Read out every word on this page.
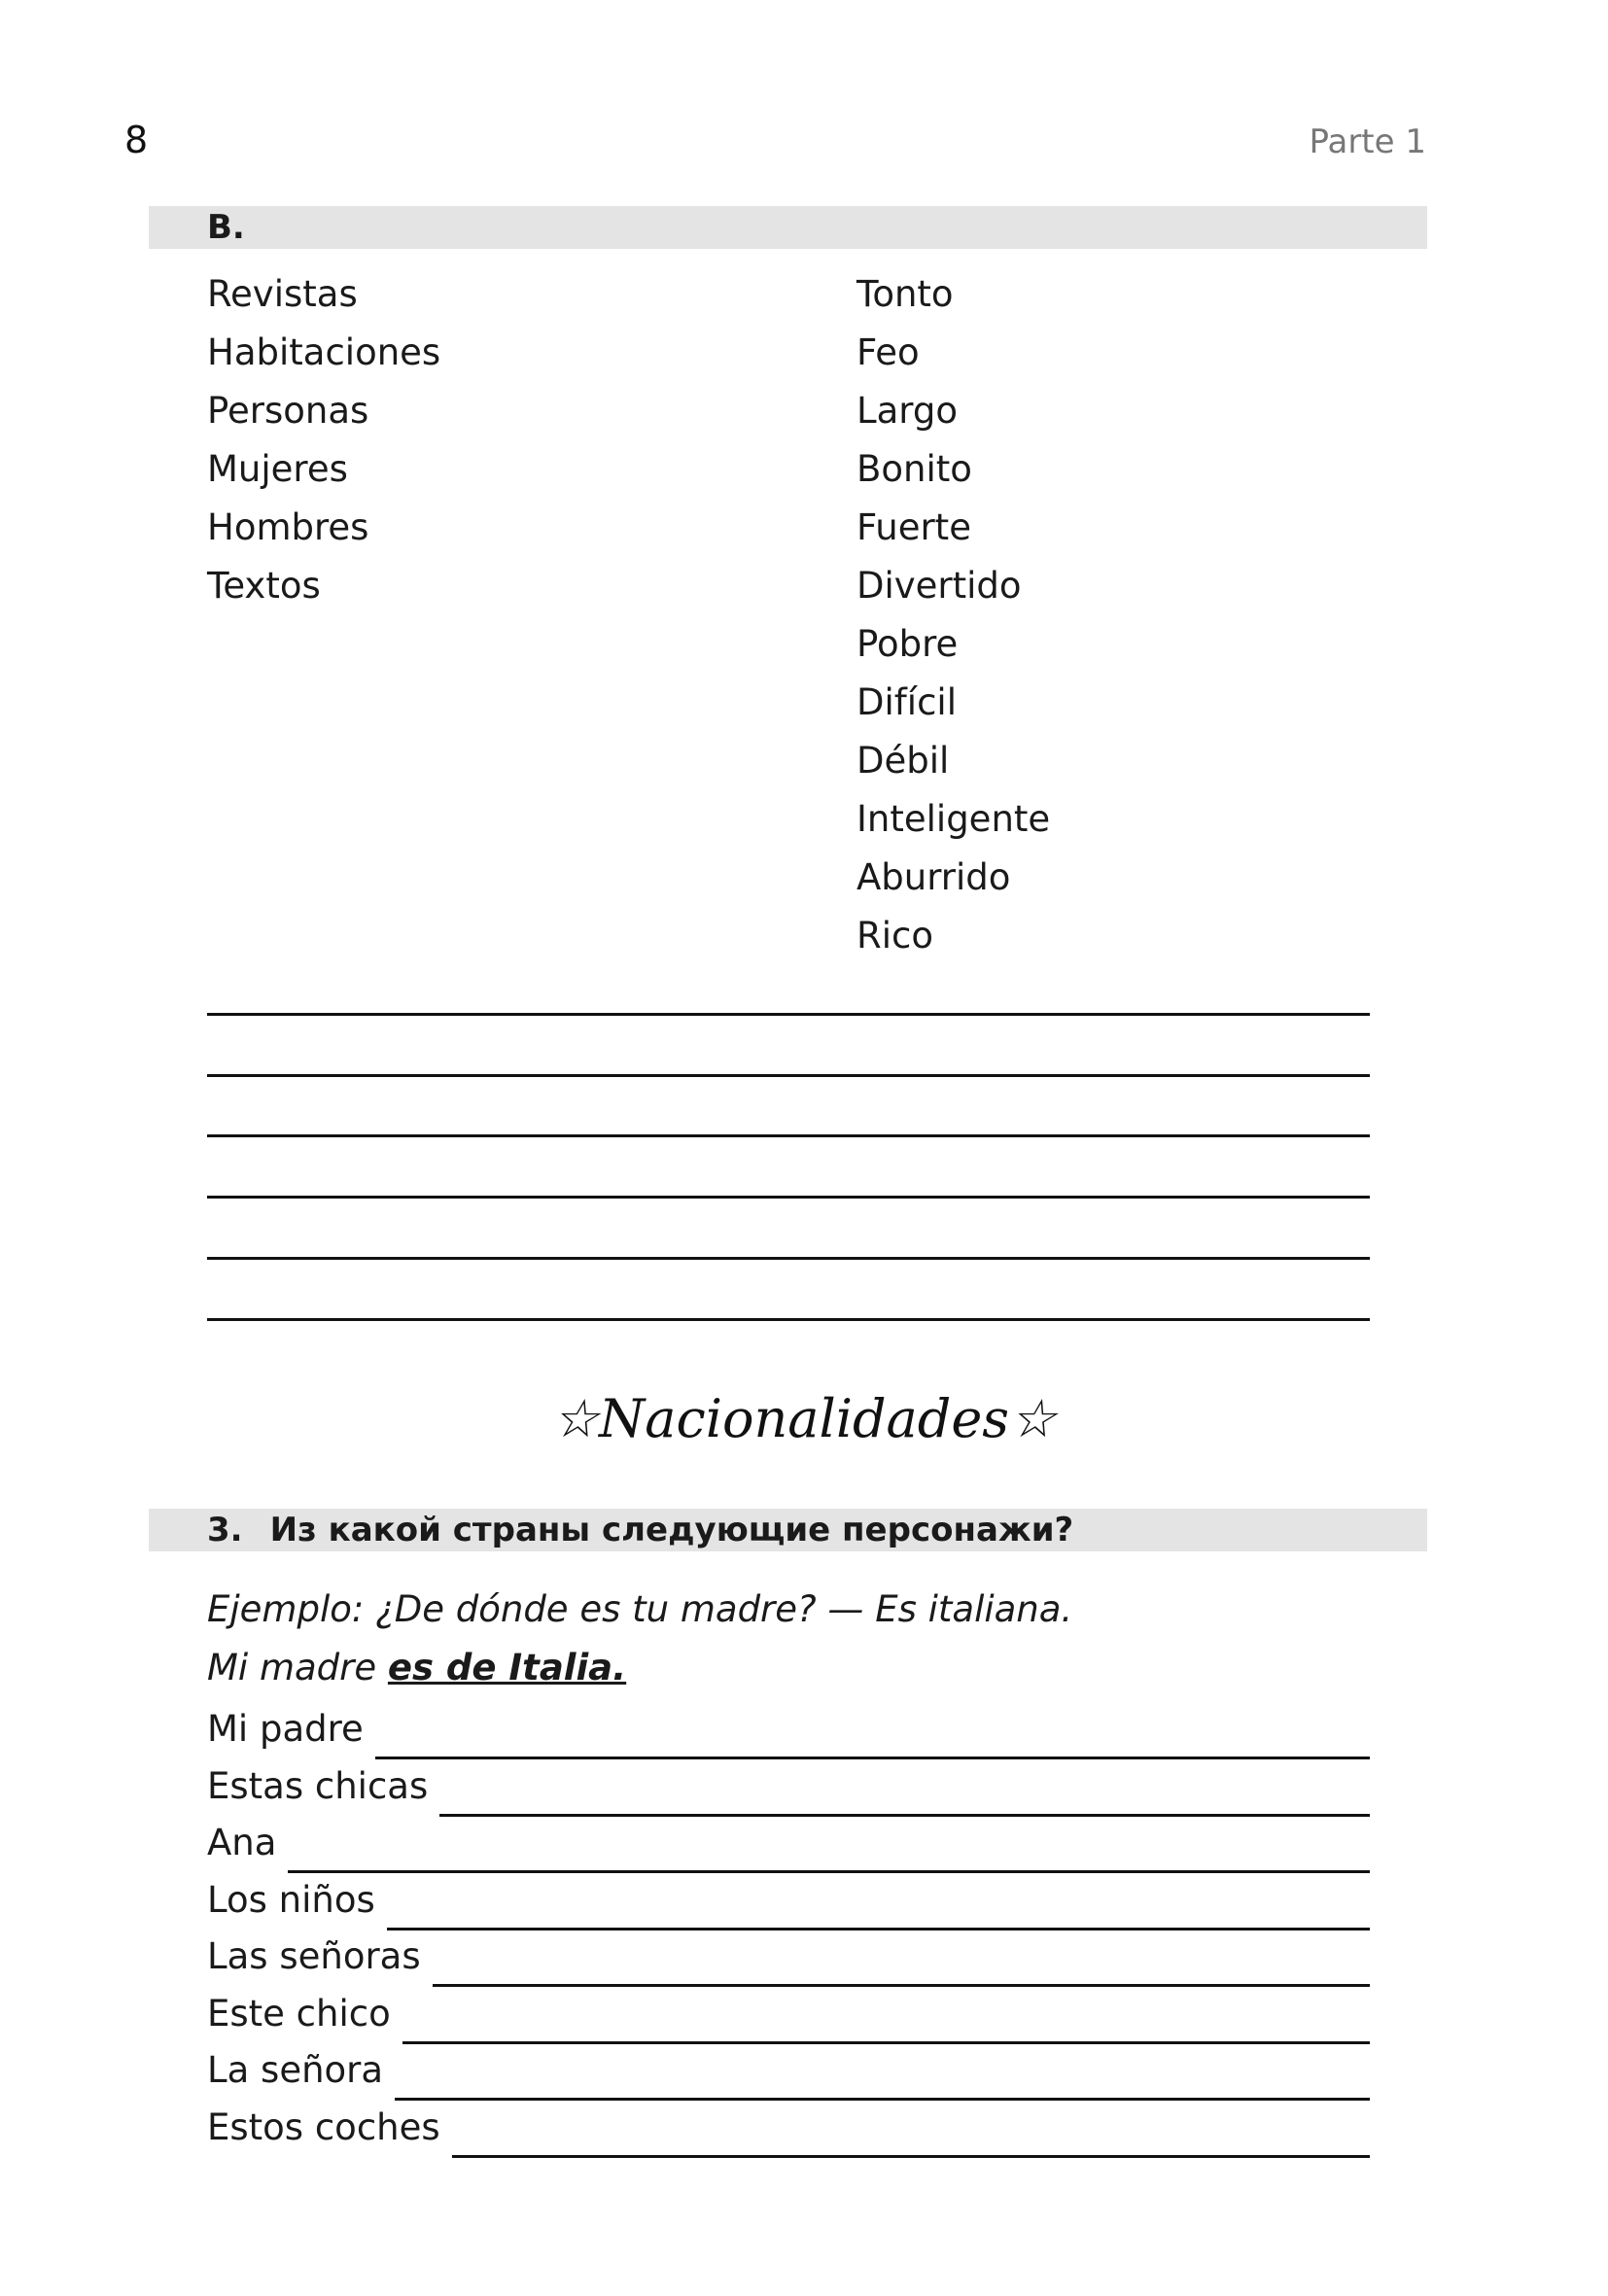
8	Parte 1
B.
Revistas
Habitaciones
Personas
Mujeres
Hombres
Textos
Tonto
Feo
Largo
Bonito
Fuerte
Divertido
Pobre
Difícil
Débil
Inteligente
Aburrido
Rico
☆Nacionalidades☆
3. Из какой страны следующие персонажи?
Ejemplo: ¿De dónde es tu madre? — Es italiana.
Mi madre es de Italia.
Mi padre
Estas chicas
Ana
Los niños
Las señoras
Este chico
La señora
Estos coches
